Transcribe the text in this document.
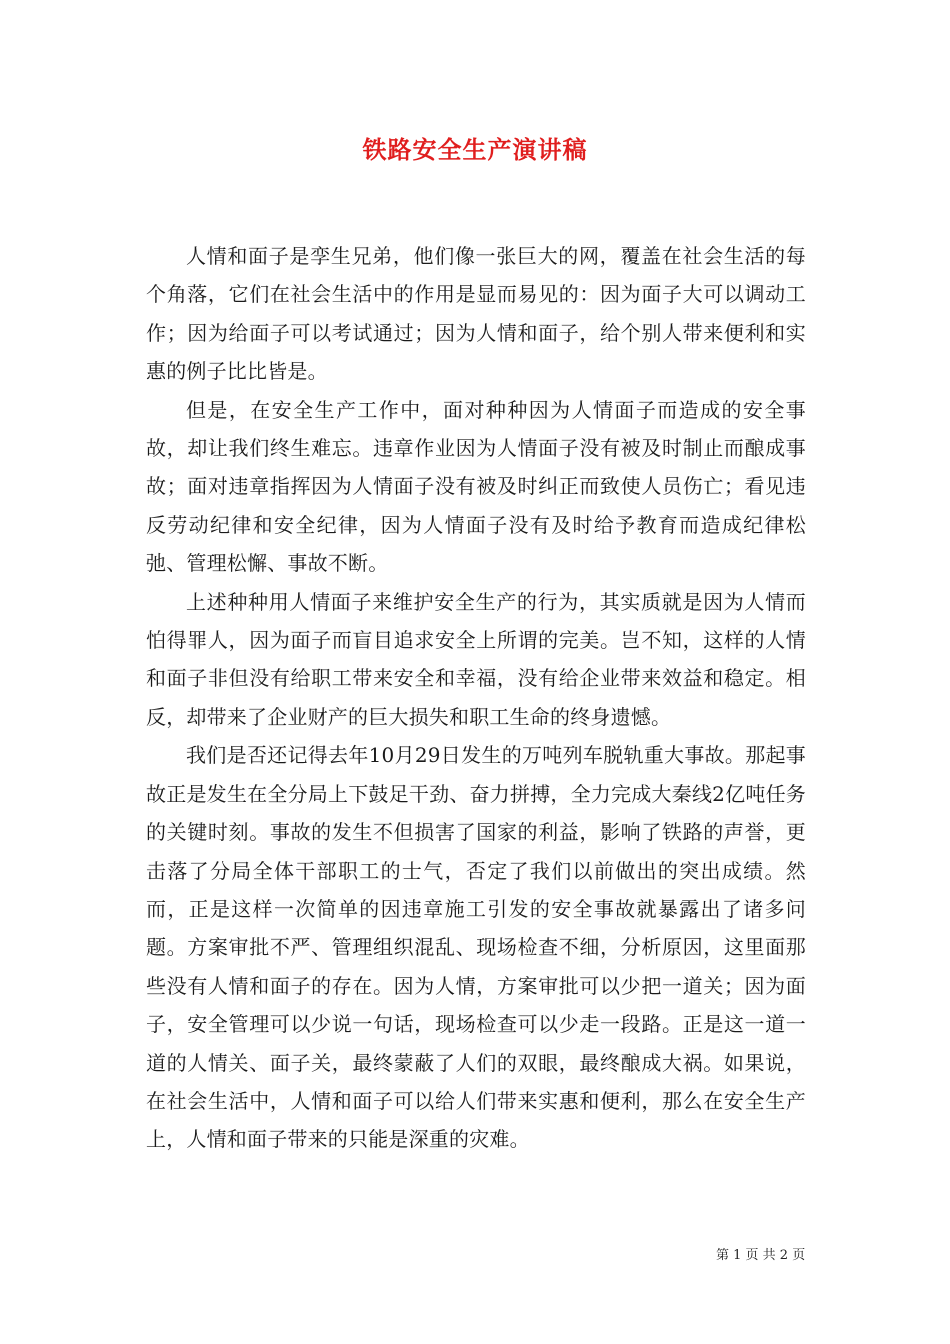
铁路安全生产演讲稿

人情和面子是孪生兄弟，他们像一张巨大的网，覆盖在社会生活的每个角落，它们在社会生活中的作用是显而易见的：因为面子大可以调动工作；因为给面子可以考试通过；因为人情和面子，给个别人带来便利和实惠的例子比比皆是。

但是，在安全生产工作中，面对种种因为人情面子而造成的安全事故，却让我们终生难忘。违章作业因为人情面子没有被及时制止而酿成事故；面对违章指挥因为人情面子没有被及时纠正而致使人员伤亡；看见违反劳动纪律和安全纪律，因为人情面子没有及时给予教育而造成纪律松弛、管理松懈、事故不断。

上述种种用人情面子来维护安全生产的行为，其实质就是因为人情而怕得罪人，因为面子而盲目追求安全上所谓的完美。岂不知，这样的人情和面子非但没有给职工带来安全和幸福，没有给企业带来效益和稳定。相反，却带来了企业财产的巨大损失和职工生命的终身遗憾。

我们是否还记得去年10月29日发生的万吨列车脱轨重大事故。那起事故正是发生在全分局上下鼓足干劲、奋力拼搏，全力完成大秦线2亿吨任务的关键时刻。事故的发生不但损害了国家的利益，影响了铁路的声誉，更击落了分局全体干部职工的士气，否定了我们以前做出的突出成绩。然而，正是这样一次简单的因违章施工引发的安全事故就暴露出了诸多问题。方案审批不严、管理组织混乱、现场检查不细，分析原因，这里面那些没有人情和面子的存在。因为人情，方案审批可以少把一道关；因为面子，安全管理可以少说一句话，现场检查可以少走一段路。正是这一道一道的人情关、面子关，最终蒙蔽了人们的双眼，最终酿成大祸。如果说，在社会生活中，人情和面子可以给人们带来实惠和便利，那么在安全生产上，人情和面子带来的只能是深重的灾难。

第 1 页 共 2 页
